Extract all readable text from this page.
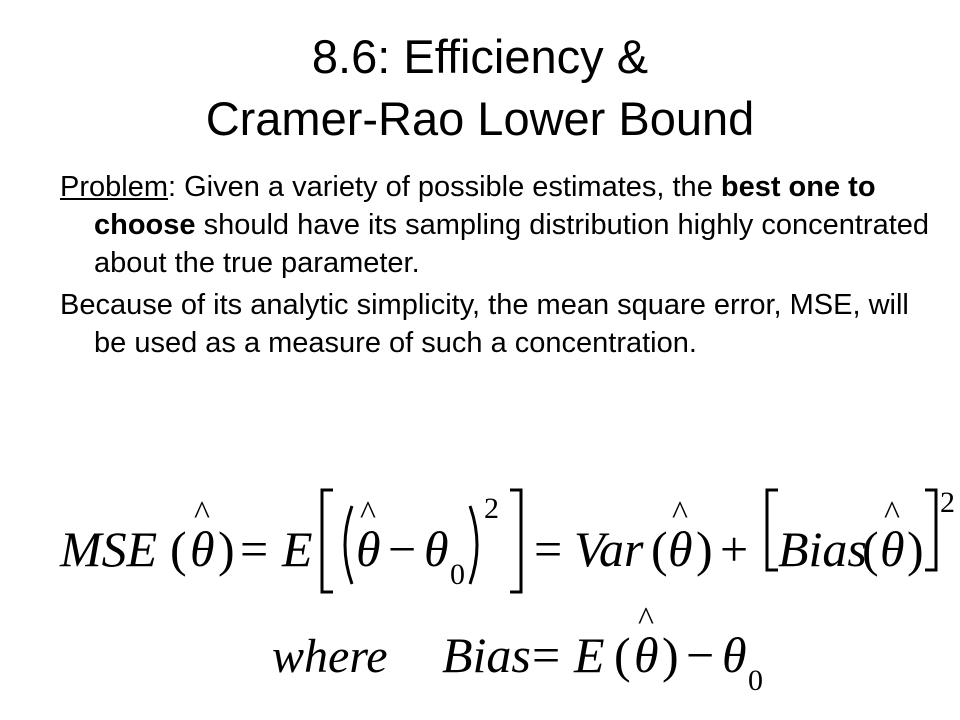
8.6: Efficiency &
Cramer-Rao Lower Bound

Problem: Given a variety of possible estimates, the best one to choose should have its sampling distribution highly concentrated about the true parameter.

Because of its analytic simplicity, the mean square error, MSE, will be used as a measure of such a concentration.

MSE ( θ
^
) = E θ
^
− θ 0
2
= Var ( θ
^
) + Bias
( θ
^
)
2
where Bias = E ( θ
^
) − θ 0
